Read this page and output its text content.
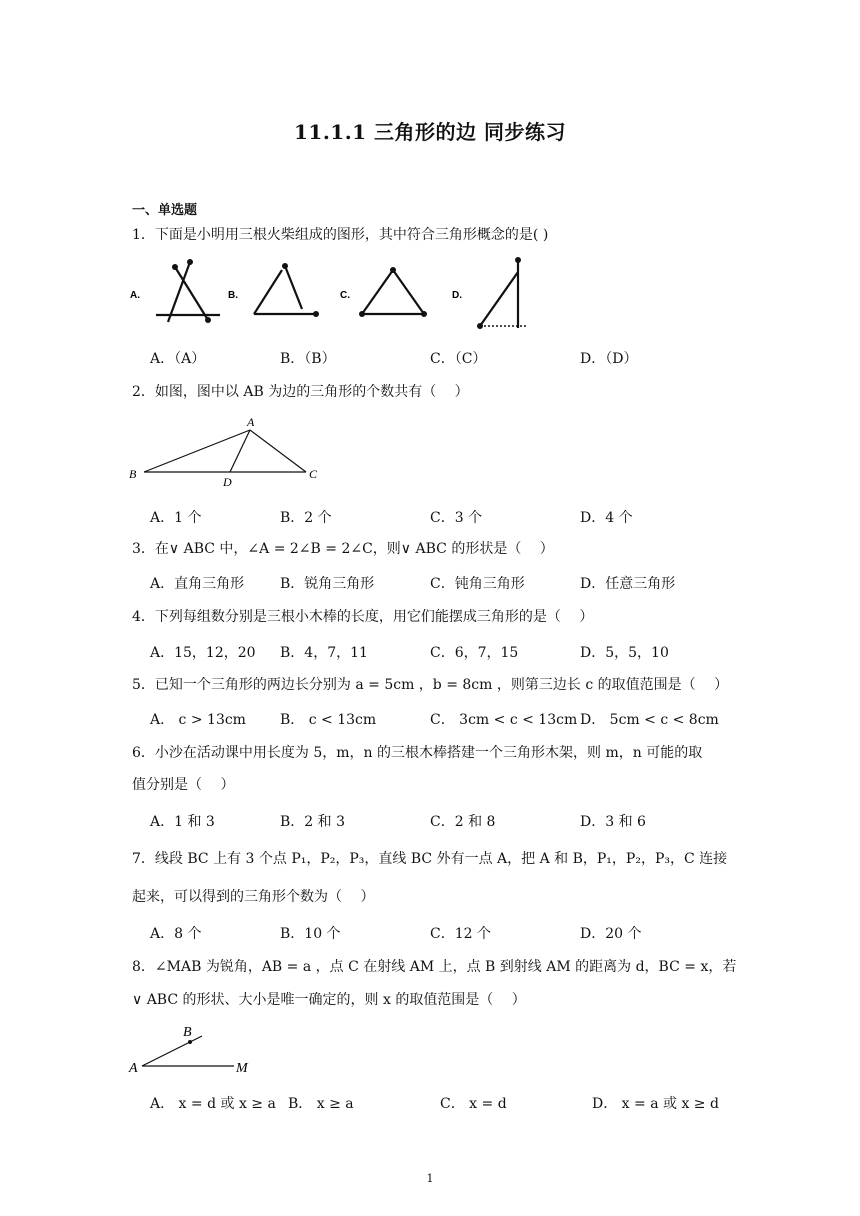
11.1.1 三角形的边 同步练习
一、单选题
1．下面是小明用三根火柴组成的图形，其中符合三角形概念的是( )
A.	B.	C.	D.
A．（A）	B．（B）	C．（C）	D．（D）
2．如图，图中以 AB 为边的三角形的个数共有（　 ）
A
B	C
D
A．1 个	B．2 个	C．3 个	D．4 个
3．在∨ ABC 中，∠A = 2∠B = 2∠C，则∨ ABC 的形状是（　 ）
A．直角三角形	B．锐角三角形	C．钝角三角形	D．任意三角形
4．下列每组数分别是三根小木棒的长度，用它们能摆成三角形的是（　 ）
A．15，12，20 B．4，7，11	C．6，7，15	D．5，5，10
5．已知一个三角形的两边长分别为 a = 5cm ，b = 8cm ，则第三边长 c 的取值范围是（　 ）
A． c > 13cm B． c < 13cm	C． 3cm < c < 13cm D． 5cm < c < 8cm
6．小沙在活动课中用长度为 5，m，n 的三根木棒搭建一个三角形木架，则 m，n 可能的取
值分别是（　 ）
A．1 和 3	B．2 和 3	C．2 和 8	D．3 和 6
7．线段 BC 上有 3 个点 P₁，P₂，P₃，直线 BC 外有一点 A，把 A 和 B，P₁，P₂，P₃，C 连接
起来，可以得到的三角形个数为（　 ）
A．8 个	B．10 个	C．12 个	D．20 个
8．∠MAB 为锐角，AB = a ，点 C 在射线 AM 上，点 B 到射线 AM 的距离为 d，BC = x，若
∨ ABC 的形状、大小是唯一确定的，则 x 的取值范围是（　 ）
A
B
M
A． x = d 或 x ≥ a B． x ≥ a	C． x = d	D． x = a 或 x ≥ d
1
